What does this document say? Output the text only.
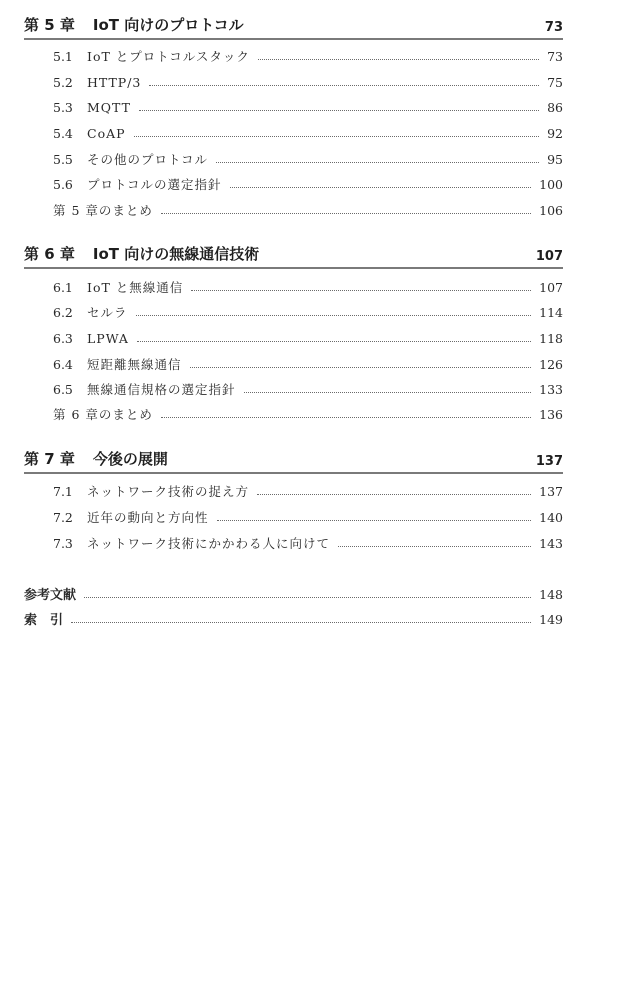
第 5 章 IoT 向けのプロトコル	73
5.1	IoT とプロトコルスタック	73
5.2	HTTP/3	75
5.3	MQTT	86
5.4	CoAP	92
5.5	その他のプロトコル	95
5.6	プロトコルの選定指針	100
第 5 章のまとめ	106
第 6 章 IoT 向けの無線通信技術	107
6.1	IoT と無線通信	107
6.2	セルラ	114
6.3	LPWA	118
6.4	短距離無線通信	126
6.5	無線通信規格の選定指針	133
第 6 章のまとめ	136
第 7 章 今後の展開	137
7.1	ネットワーク技術の捉え方	137
7.2	近年の動向と方向性	140
7.3	ネットワーク技術にかかわる人に向けて	143
参考文献	148
索　引	149
